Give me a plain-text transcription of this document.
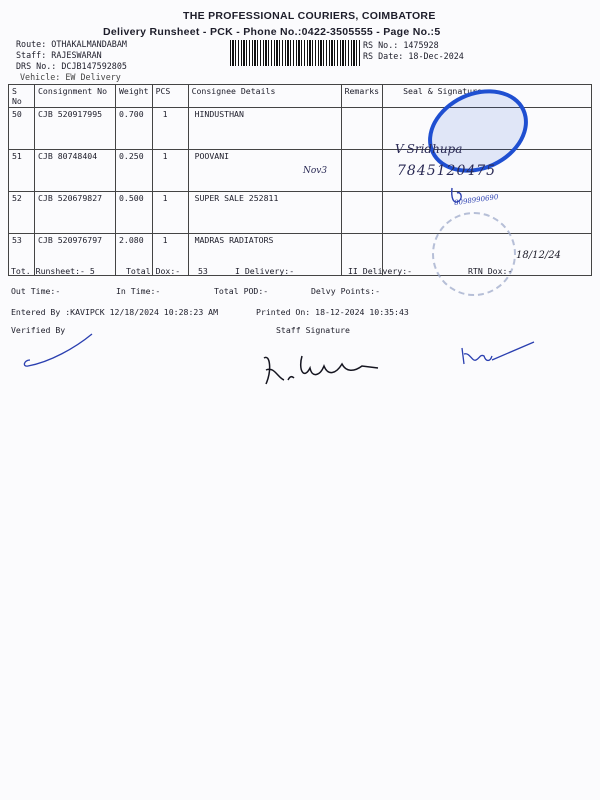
THE PROFESSIONAL COURIERS, COIMBATORE
Delivery Runsheet - PCK - Phone No.:0422-3505555 - Page No.:5
Route: OTHAKALMANDABAM
Staff: RAJESWARAN
DRS No.: DCJB147592805
Vehicle: EW Delivery
RS No.: 1475928
RS Date: 18-Dec-2024
S No	Consignment No	Weight	PCS	Consignee Details	Remarks	Seal & Signature
50	CJB 520917995	0.700	1	HINDUSTHAN		
51	CJB 80748404	0.250	1	POOVANI		
52	CJB 520679827	0.500	1	SUPER SALE 252811		
53	CJB 520976797	2.080	1	MADRAS RADIATORS		
V-Sridhupa
7845120475
Nov3
8098990690
18/12/24
Tot. Runsheet:- 5	Total Dox:- 53	I Delivery:-	II Delivery:-	RTN Dox:-
Out Time:-	In Time:-	Total POD:-	Delvy Points:-
Entered By :KAVIPCK 12/18/2024 10:28:23 AM	Printed On: 18-12-2024 10:35:43
Verified By	Staff Signature
